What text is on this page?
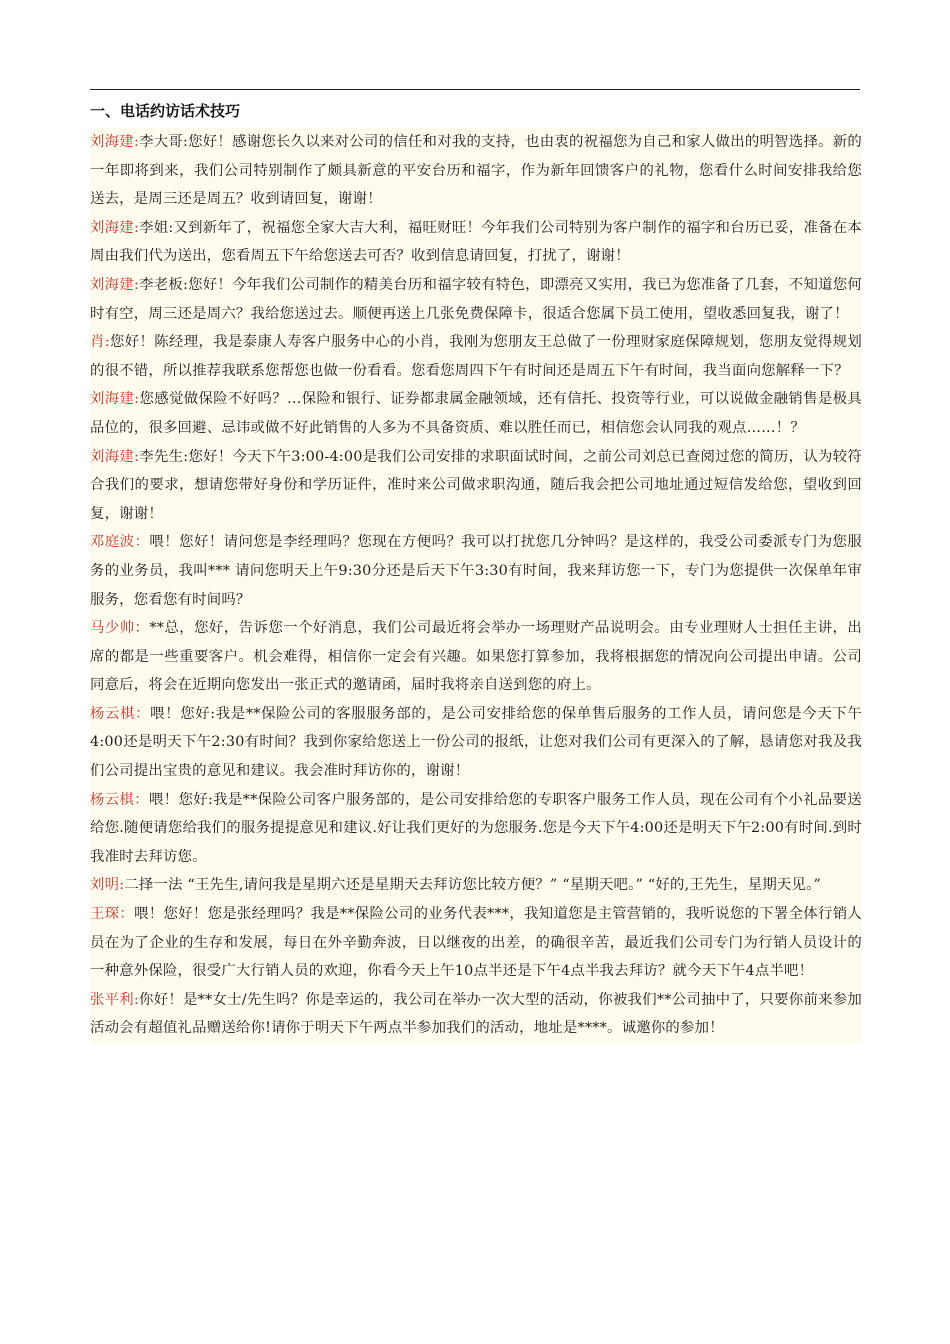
一、电话约访话术技巧
刘海建:李大哥:您好！感谢您长久以来对公司的信任和对我的支持，也由衷的祝福您为自己和家人做出的明智选择。新的一年即将到来，我们公司特别制作了颇具新意的平安台历和福字，作为新年回馈客户的礼物，您看什么时间安排我给您送去，是周三还是周五？收到请回复，谢谢！
刘海建:李姐:又到新年了，祝福您全家大吉大利，福旺财旺！今年我们公司特别为客户制作的福字和台历已妥，准备在本周由我们代为送出，您看周五下午给您送去可否？收到信息请回复，打扰了，谢谢！
刘海建:李老板:您好！今年我们公司制作的精美台历和福字较有特色，即漂亮又实用，我已为您准备了几套，不知道您何时有空，周三还是周六？我给您送过去。顺便再送上几张免费保障卡，很适合您属下员工使用，望收悉回复我，谢了！
肖:您好！陈经理，我是泰康人寿客户服务中心的小肖，我刚为您朋友王总做了一份理财家庭保障规划，您朋友觉得规划的很不错，所以推荐我联系您帮您也做一份看看。您看您周四下午有时间还是周五下午有时间，我当面向您解释一下？
刘海建:您感觉做保险不好吗？…保险和银行、证券都隶属金融领域，还有信托、投资等行业，可以说做金融销售是极具品位的，很多回避、忌讳或做不好此销售的人多为不具备资质、难以胜任而已，相信您会认同我的观点……！？
刘海建:李先生:您好！今天下午3:00-4:00是我们公司安排的求职面试时间，之前公司刘总已查阅过您的简历，认为较符合我们的要求，想请您带好身份和学历证件，准时来公司做求职沟通，随后我会把公司地址通过短信发给您，望收到回复，谢谢！
邓庭波：喂！您好！请问您是李经理吗？您现在方便吗？我可以打扰您几分钟吗？是这样的，我受公司委派专门为您服务的业务员，我叫*** 请问您明天上午9:30分还是后天下午3:30有时间，我来拜访您一下，专门为您提供一次保单年审服务，您看您有时间吗？
马少帅：**总，您好，告诉您一个好消息，我们公司最近将会举办一场理财产品说明会。由专业理财人士担任主讲，出席的都是一些重要客户。机会难得，相信你一定会有兴趣。如果您打算参加，我将根据您的情况向公司提出申请。公司同意后，将会在近期向您发出一张正式的邀请函，届时我将亲自送到您的府上。
杨云棋：喂！您好:我是**保险公司的客服服务部的，是公司安排给您的保单售后服务的工作人员，请问您是今天下午4:00还是明天下午2:30有时间？我到你家给您送上一份公司的报纸，让您对我们公司有更深入的了解，恳请您对我及我们公司提出宝贵的意见和建议。我会准时拜访你的，谢谢！
杨云棋：喂！您好:我是**保险公司客户服务部的，是公司安排给您的专职客户服务工作人员，现在公司有个小礼品要送给您.随便请您给我们的服务提提意见和建议.好让我们更好的为您服务.您是今天下午4:00还是明天下午2:00有时间.到时我准时去拜访您。
刘明:二择一法 “王先生,请问我是星期六还是星期天去拜访您比较方便？” “星期天吧。” “好的,王先生，星期天见。”
王琛：喂！您好！您是张经理吗？我是**保险公司的业务代表***，我知道您是主管营销的，我听说您的下署全体行销人员在为了企业的生存和发展，每日在外辛勤奔波，日以继夜的出差，的确很辛苦，最近我们公司专门为行销人员设计的一种意外保险，很受广大行销人员的欢迎，你看今天上午10点半还是下午4点半我去拜访？就今天下午4点半吧！
张平利:你好！是**女士/先生吗？你是幸运的，我公司在举办一次大型的活动，你被我们**公司抽中了，只要你前来参加活动会有超值礼品赠送给你!请你于明天下午两点半参加我们的活动，地址是****。诚邀你的参加！
